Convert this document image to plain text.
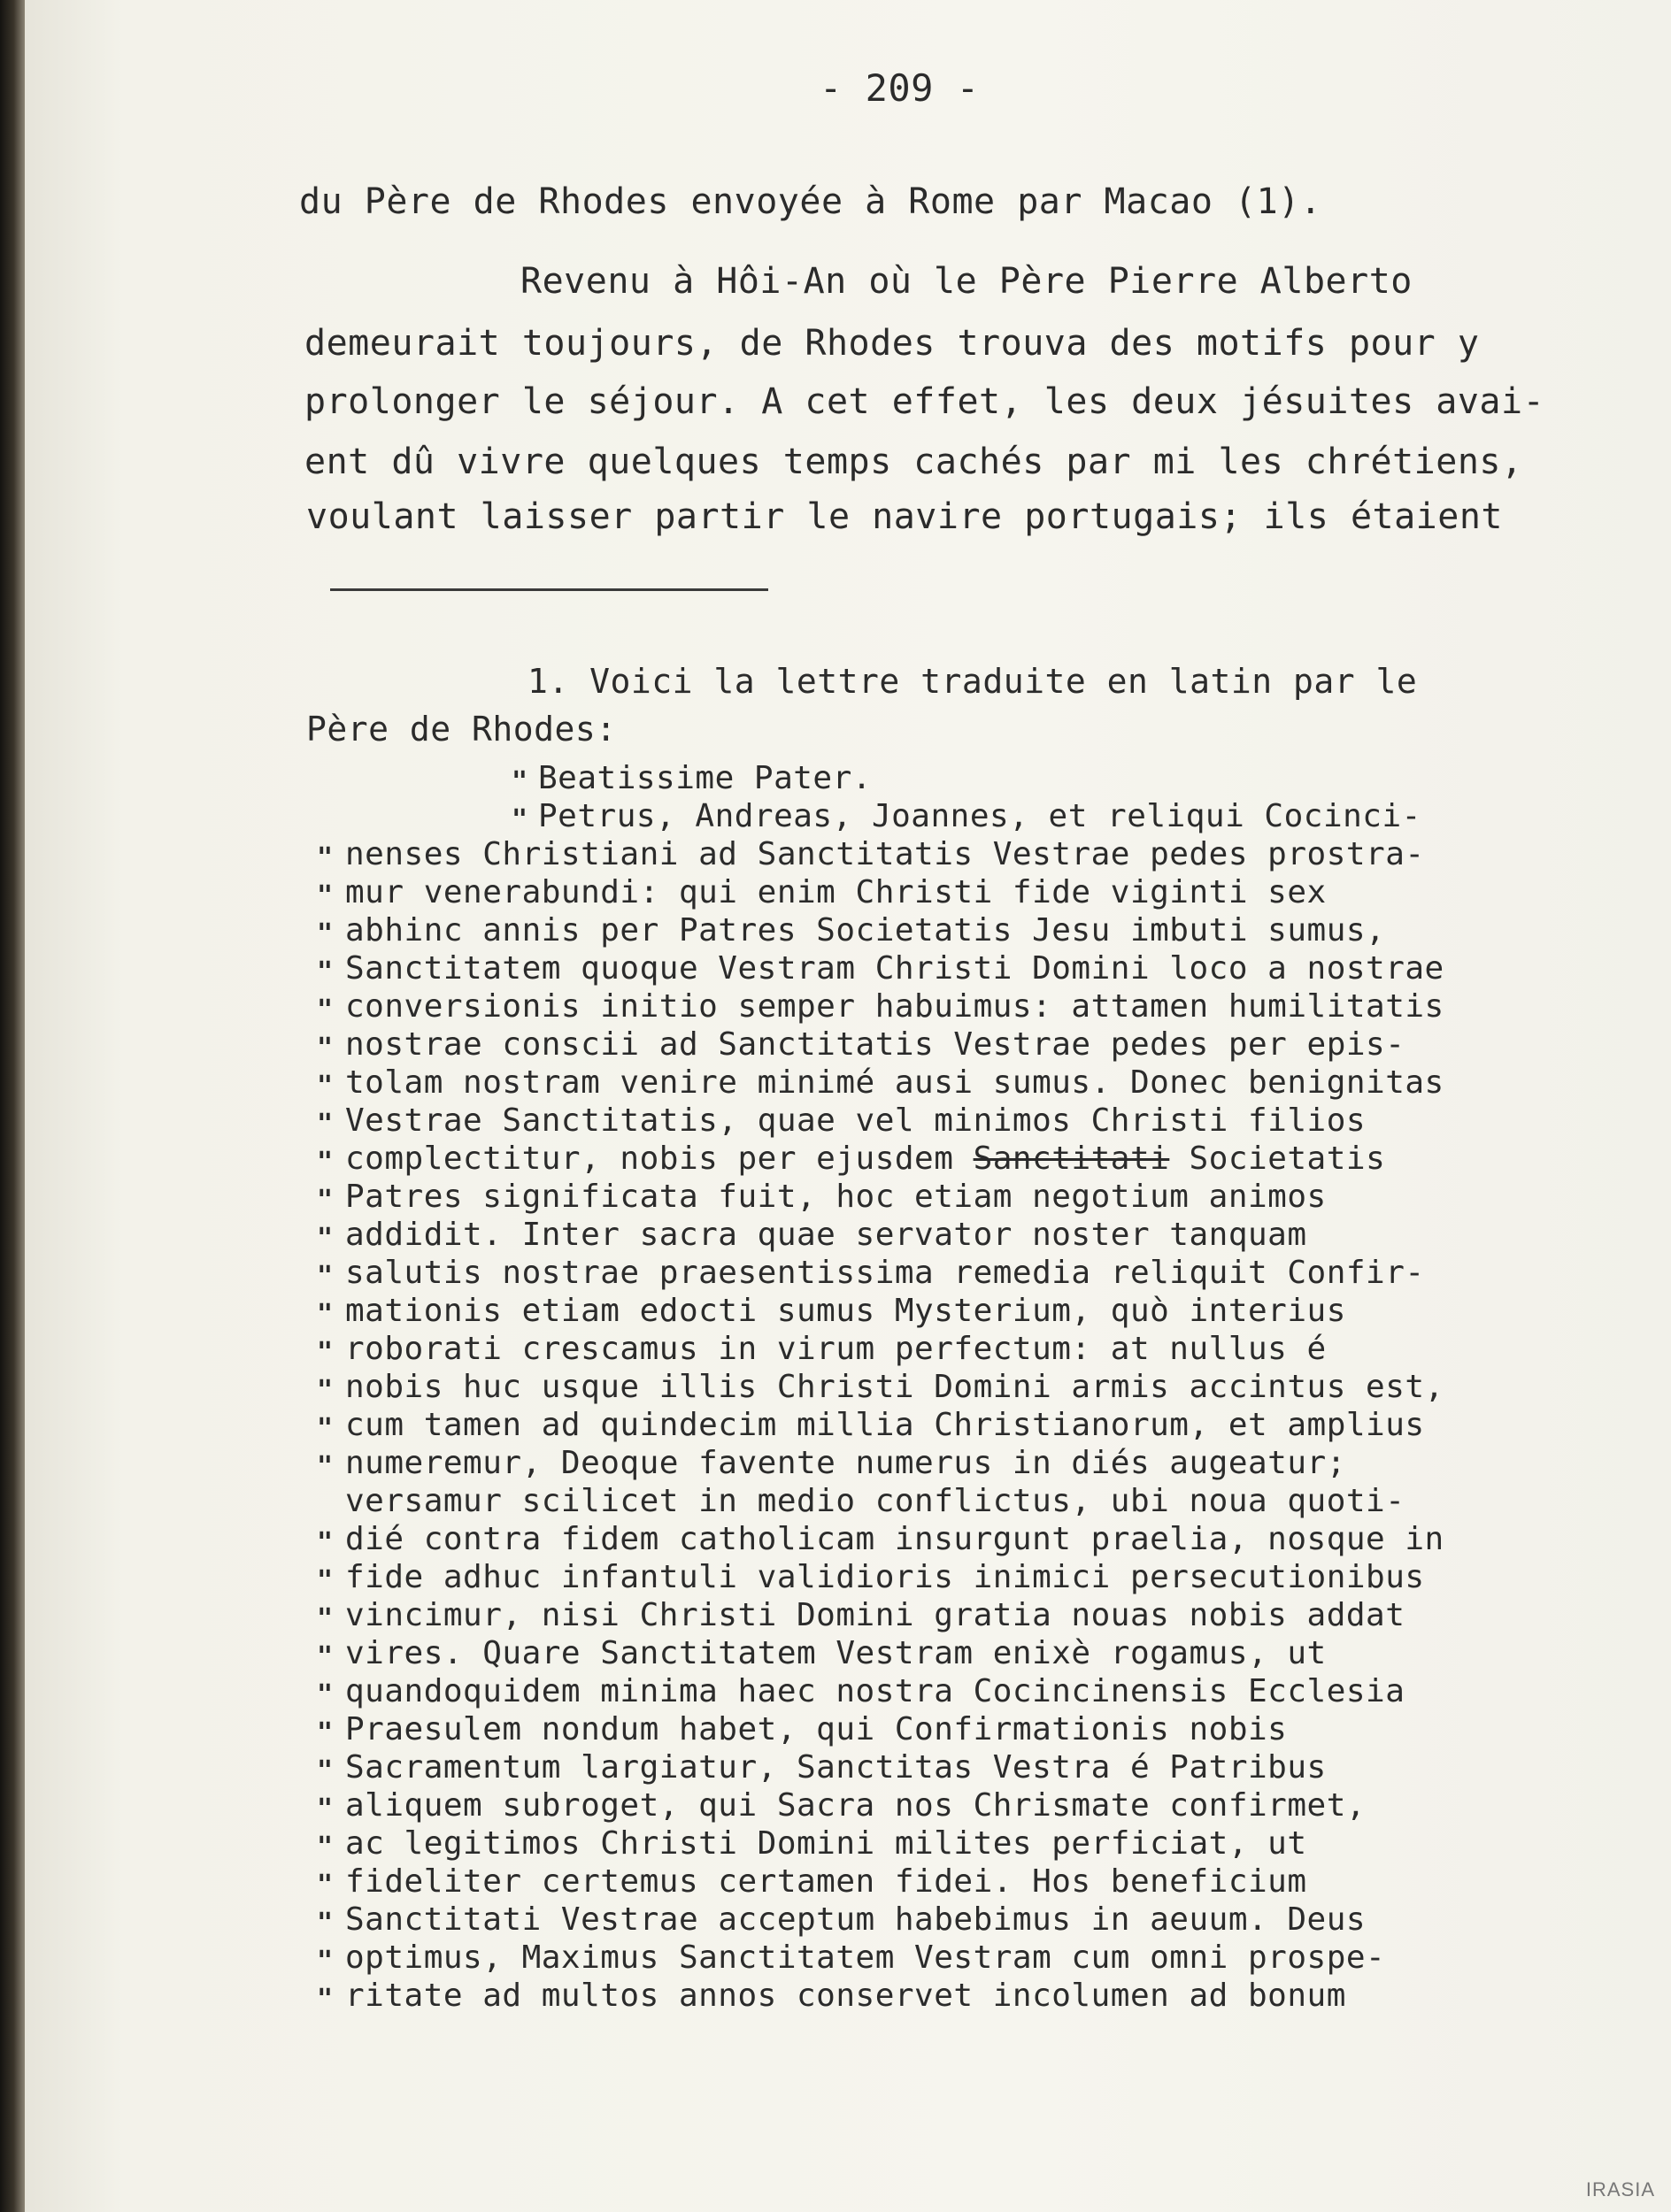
- 209 -
du Père de Rhodes envoyée à Rome par Macao (1).
Revenu à Hôi-An où le Père Pierre Alberto
demeurait toujours, de Rhodes trouva des motifs pour y
prolonger le séjour. A cet effet, les deux jésuites avai-
ent dû vivre quelques temps cachés par mi les chrétiens,
voulant laisser partir le navire portugais; ils étaient
1. Voici la lettre traduite en latin par le
Père de Rhodes:
"
"
"
"
"
"
"
"
"
"
"
"
"
"
"
"
"
"
"
"
"
"
"
"
"
"
"
"
"
"
"
"
Beatissime Pater.
Petrus, Andreas, Joannes, et reliqui Cocinci-
nenses Christiani ad Sanctitatis Vestrae pedes prostra-
mur venerabundi: qui enim Christi fide viginti sex
abhinc annis per Patres Societatis Jesu imbuti sumus,
Sanctitatem quoque Vestram Christi Domini loco a nostrae
conversionis initio semper habuimus: attamen humilitatis
nostrae conscii ad Sanctitatis Vestrae pedes per epis-
tolam nostram venire minimé ausi sumus. Donec benignitas
Vestrae Sanctitatis, quae vel minimos Christi filios
complectitur, nobis per ejusdem Sanctitati Societatis
Patres significata fuit, hoc etiam negotium animos
addidit. Inter sacra quae servator noster tanquam
salutis nostrae praesentissima remedia reliquit Confir-
mationis etiam edocti sumus Mysterium, quò interius
roborati crescamus in virum perfectum: at nullus é
nobis huc usque illis Christi Domini armis accintus est,
cum tamen ad quindecim millia Christianorum, et amplius
numeremur, Deoque favente numerus in diés augeatur;
versamur scilicet in medio conflictus, ubi noua quoti-
dié contra fidem catholicam insurgunt praelia, nosque in
fide adhuc infantuli validioris inimici persecutionibus
vincimur, nisi Christi Domini gratia nouas nobis addat
vires. Quare Sanctitatem Vestram enixè rogamus, ut
quandoquidem minima haec nostra Cocincinensis Ecclesia
Praesulem nondum habet, qui Confirmationis nobis
Sacramentum largiatur, Sanctitas Vestra é Patribus
aliquem subroget, qui Sacra nos Chrismate confirmet,
ac legitimos Christi Domini milites perficiat, ut
fideliter certemus certamen fidei. Hos beneficium
Sanctitati Vestrae acceptum habebimus in aeuum. Deus
optimus, Maximus Sanctitatem Vestram cum omni prospe-
ritate ad multos annos conservet incolumen ad bonum
IRASIA
